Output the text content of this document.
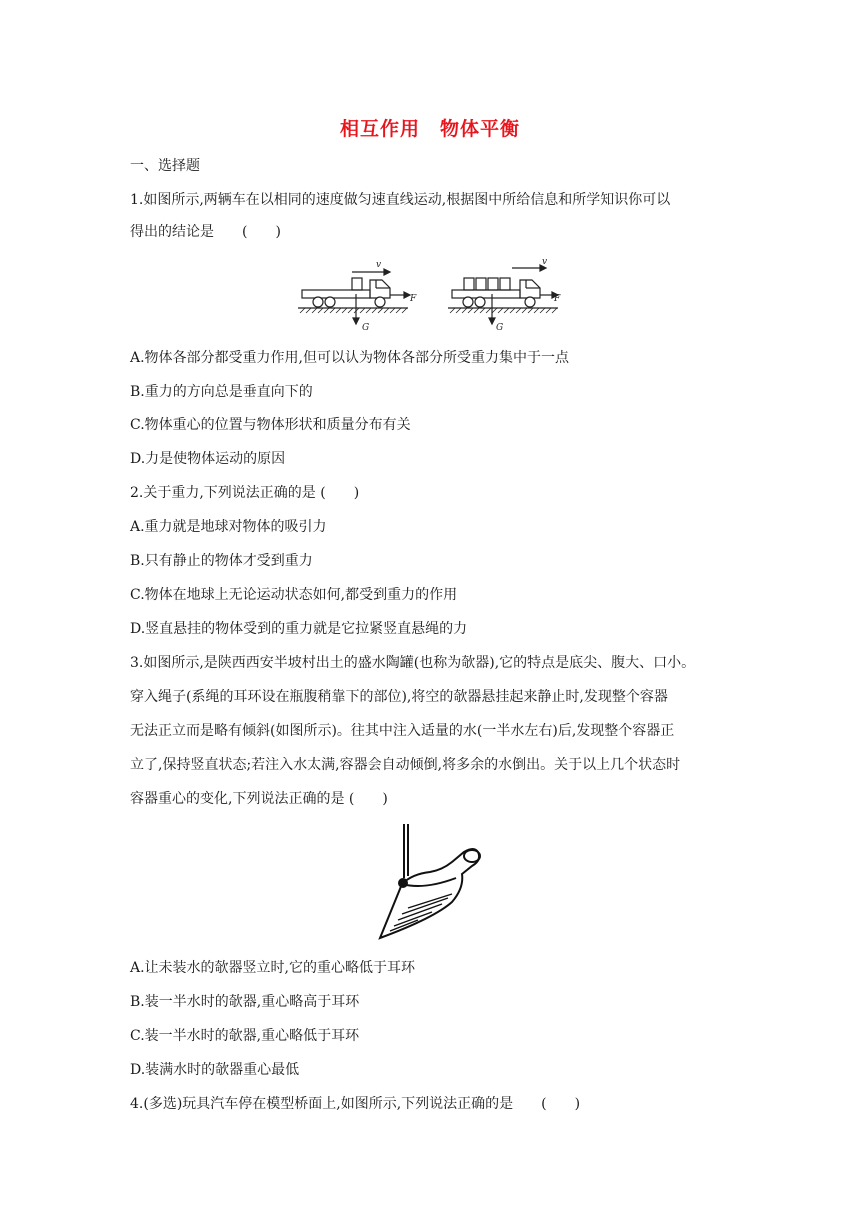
相互作用　物体平衡
一、选择题
1.如图所示,两辆车在以相同的速度做匀速直线运动,根据图中所给信息和所学知识你可以
得出的结论是　　(　　)
v
F
G
v
F
G
A.物体各部分都受重力作用,但可以认为物体各部分所受重力集中于一点
B.重力的方向总是垂直向下的
C.物体重心的位置与物体形状和质量分布有关
D.力是使物体运动的原因
2.关于重力,下列说法正确的是 (　　)
A.重力就是地球对物体的吸引力
B.只有静止的物体才受到重力
C.物体在地球上无论运动状态如何,都受到重力的作用
D.竖直悬挂的物体受到的重力就是它拉紧竖直悬绳的力
3.如图所示,是陕西西安半坡村出土的盛水陶罐(也称为欹器),它的特点是底尖、腹大、口小。
穿入绳子(系绳的耳环设在瓶腹稍靠下的部位),将空的欹器悬挂起来静止时,发现整个容器
无法正立而是略有倾斜(如图所示)。往其中注入适量的水(一半水左右)后,发现整个容器正
立了,保持竖直状态;若注入水太满,容器会自动倾倒,将多余的水倒出。关于以上几个状态时
容器重心的变化,下列说法正确的是 (　　)
A.让未装水的欹器竖立时,它的重心略低于耳环
B.装一半水时的欹器,重心略高于耳环
C.装一半水时的欹器,重心略低于耳环
D.装满水时的欹器重心最低
4.(多选)玩具汽车停在模型桥面上,如图所示,下列说法正确的是　　(　　)
